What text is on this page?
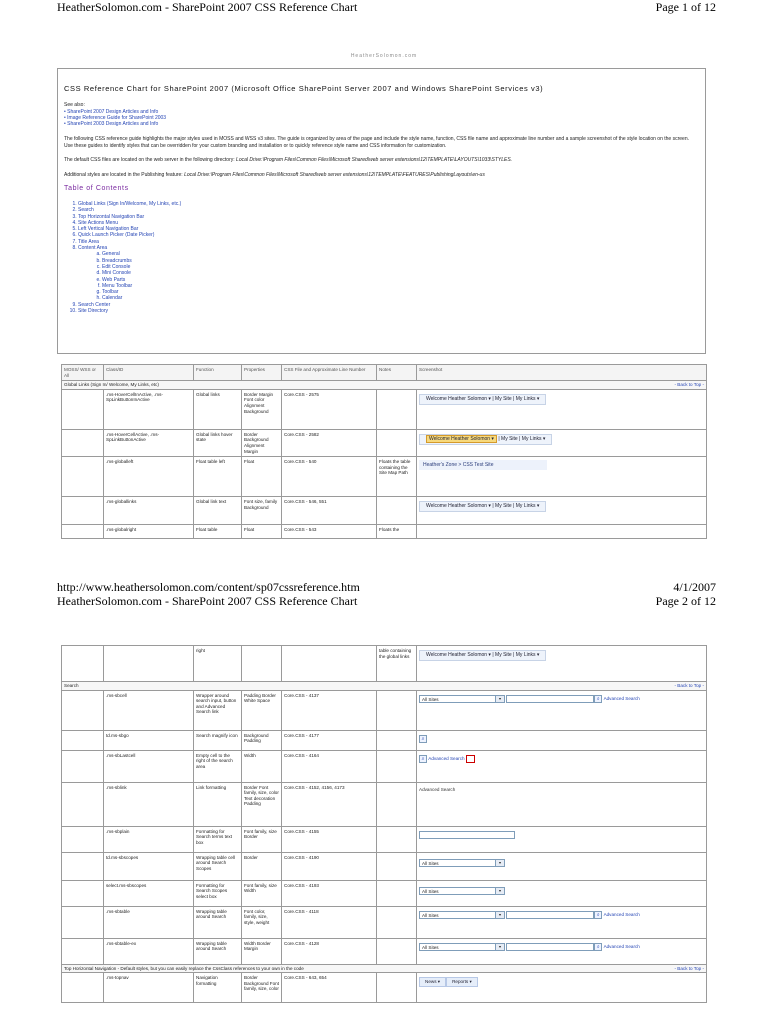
HeatherSolomon.com - SharePoint 2007 CSS Reference Chart	Page 1 of 12
HeatherSolomon.com
CSS Reference Chart for SharePoint 2007 (Microsoft Office SharePoint Server 2007 and Windows SharePoint Services v3)
See also:
• SharePoint 2007 Design Articles and Info
• Image Reference Guide for SharePoint 2003
• SharePoint 2003 Design Articles and Info

The following CSS reference guide highlights the major styles used in MOSS and WSS v3 sites. The guide is organized by area of the page and include the style name, function, CSS file name and approximate line number and a sample screenshot of the style location on the screen. Use these guides to identify styles that can be overridden for your custom branding and installation or to quickly reference style name and CSS information for customization.

The default CSS files are located on the web server in the following directory: Local Drive:\Program Files\Common Files\Microsoft Shared\web server extensions\12\TEMPLATE\LAYOUTS\1033\STYLES.

Additional styles are located in the Publishing feature: Local Drive:\Program Files\Common Files\Microsoft Shared\web server extensions\12\TEMPLATE\FEATURES\PublishingLayouts\en-us

Table of Contents
1. Global Links (Sign In/Welcome, My Links, etc.)
2. Search
3. Top Horizontal Navigation Bar
4. Site Actions Menu
5. Left Vertical Navigation Bar
6. Quick Launch Picker (Date Picker)
7. Title Area
8. Content Area
a. General
b. Breadcrumbs
c. Edit Console
d. Mini Console
e. Web Parts
f. Menu Toolbar
g. Toolbar
h. Calendar
9. Search Center
10. Site Directory
MOSS/ WSS or All	Class/ID	Function	Properties	CSS File and Approximate Line Number	Notes	Screenshot
Global Links (Sign In/ Welcome, My Links, etc) - Back to Top -						

	.ms-HoverCellInActive, .ms-SpLinkButtonInActive	Global links	Border Margin Font color Alignment Background	Core.CSS - 2575		Welcome Heather Solomon ▾ | My Site | My Links ▾
	.ms-HoverCellActive, .ms-SpLinkButtonActive	Global links hover state	Border Background Alignment Margin	Core.CSS - 2582		Welcome Heather Solomon ▾ | My Site | My Links ▾
	.ms-globalleft	Float table left	Float	Core.CSS - 540	Floats the table containing the Site Map Path	Heather's Zone > CSS Test Site
	.ms-globallinks	Global link text	Font size, family Background	Core.CSS - 546, 551		Welcome Heather Solomon ▾ | My Site | My Links ▾
	.ms-globalright	Float table	Float	Core.CSS - 543	Floats the	
http://www.heathersolomon.com/content/sp07cssreference.htm	4/1/2007
HeatherSolomon.com - SharePoint 2007 CSS Reference Chart	Page 2 of 12
		right			table containing the global links	Welcome Heather Solomon ▾ | My Site | My Links ▾
Search - Back to Top -						

	.ms-sbcell	Wrapper around search input, button and Advanced Search link	Padding Border White Space	Core.CSS - 4137		All Sites ▾ ⌕ Advanced Search
	td.ms-sbgo	Search magnify icon	Background Padding	Core.CSS - 4177		⌕
	.ms-sbLastcell	Empty cell to the right of the search area	Width	Core.CSS - 4164		⌕ Advanced Search
	.ms-sblink	Link formatting	Border Font family, size, color Text decoration Padding	Core.CSS - 4152, 4156, 4173		Advanced Search
	.ms-sbplain	Formatting for Search terms text box	Font family, size Border	Core.CSS - 4155		
	td.ms-sbscopes	Wrapping table cell around Search Scopes	Border	Core.CSS - 4190		All Sites ▾

	select.ms-sbscopes	Formatting for Search Scopes select box	Font family, size Width	Core.CSS - 4193		All Sites ▾

	.ms-sbtable	Wrapping table around Search	Font color, family, size, style, weight	Core.CSS - 4118		All Sites ▾ ⌕ Advanced Search
	.ms-sbtable-ex	Wrapping table around Search	Width Border Margin	Core.CSS - 4128		All Sites ▾ ⌕ Advanced Search
Top Horizontal Navigation - Default styles, but you can easily replace the CssClass references to your own in the code - Back to Top -						

	.ms-topnav	Navigation formatting	Border Background Font family, size, color	Core.CSS - 643, 654		News ▾ Reports ▾
